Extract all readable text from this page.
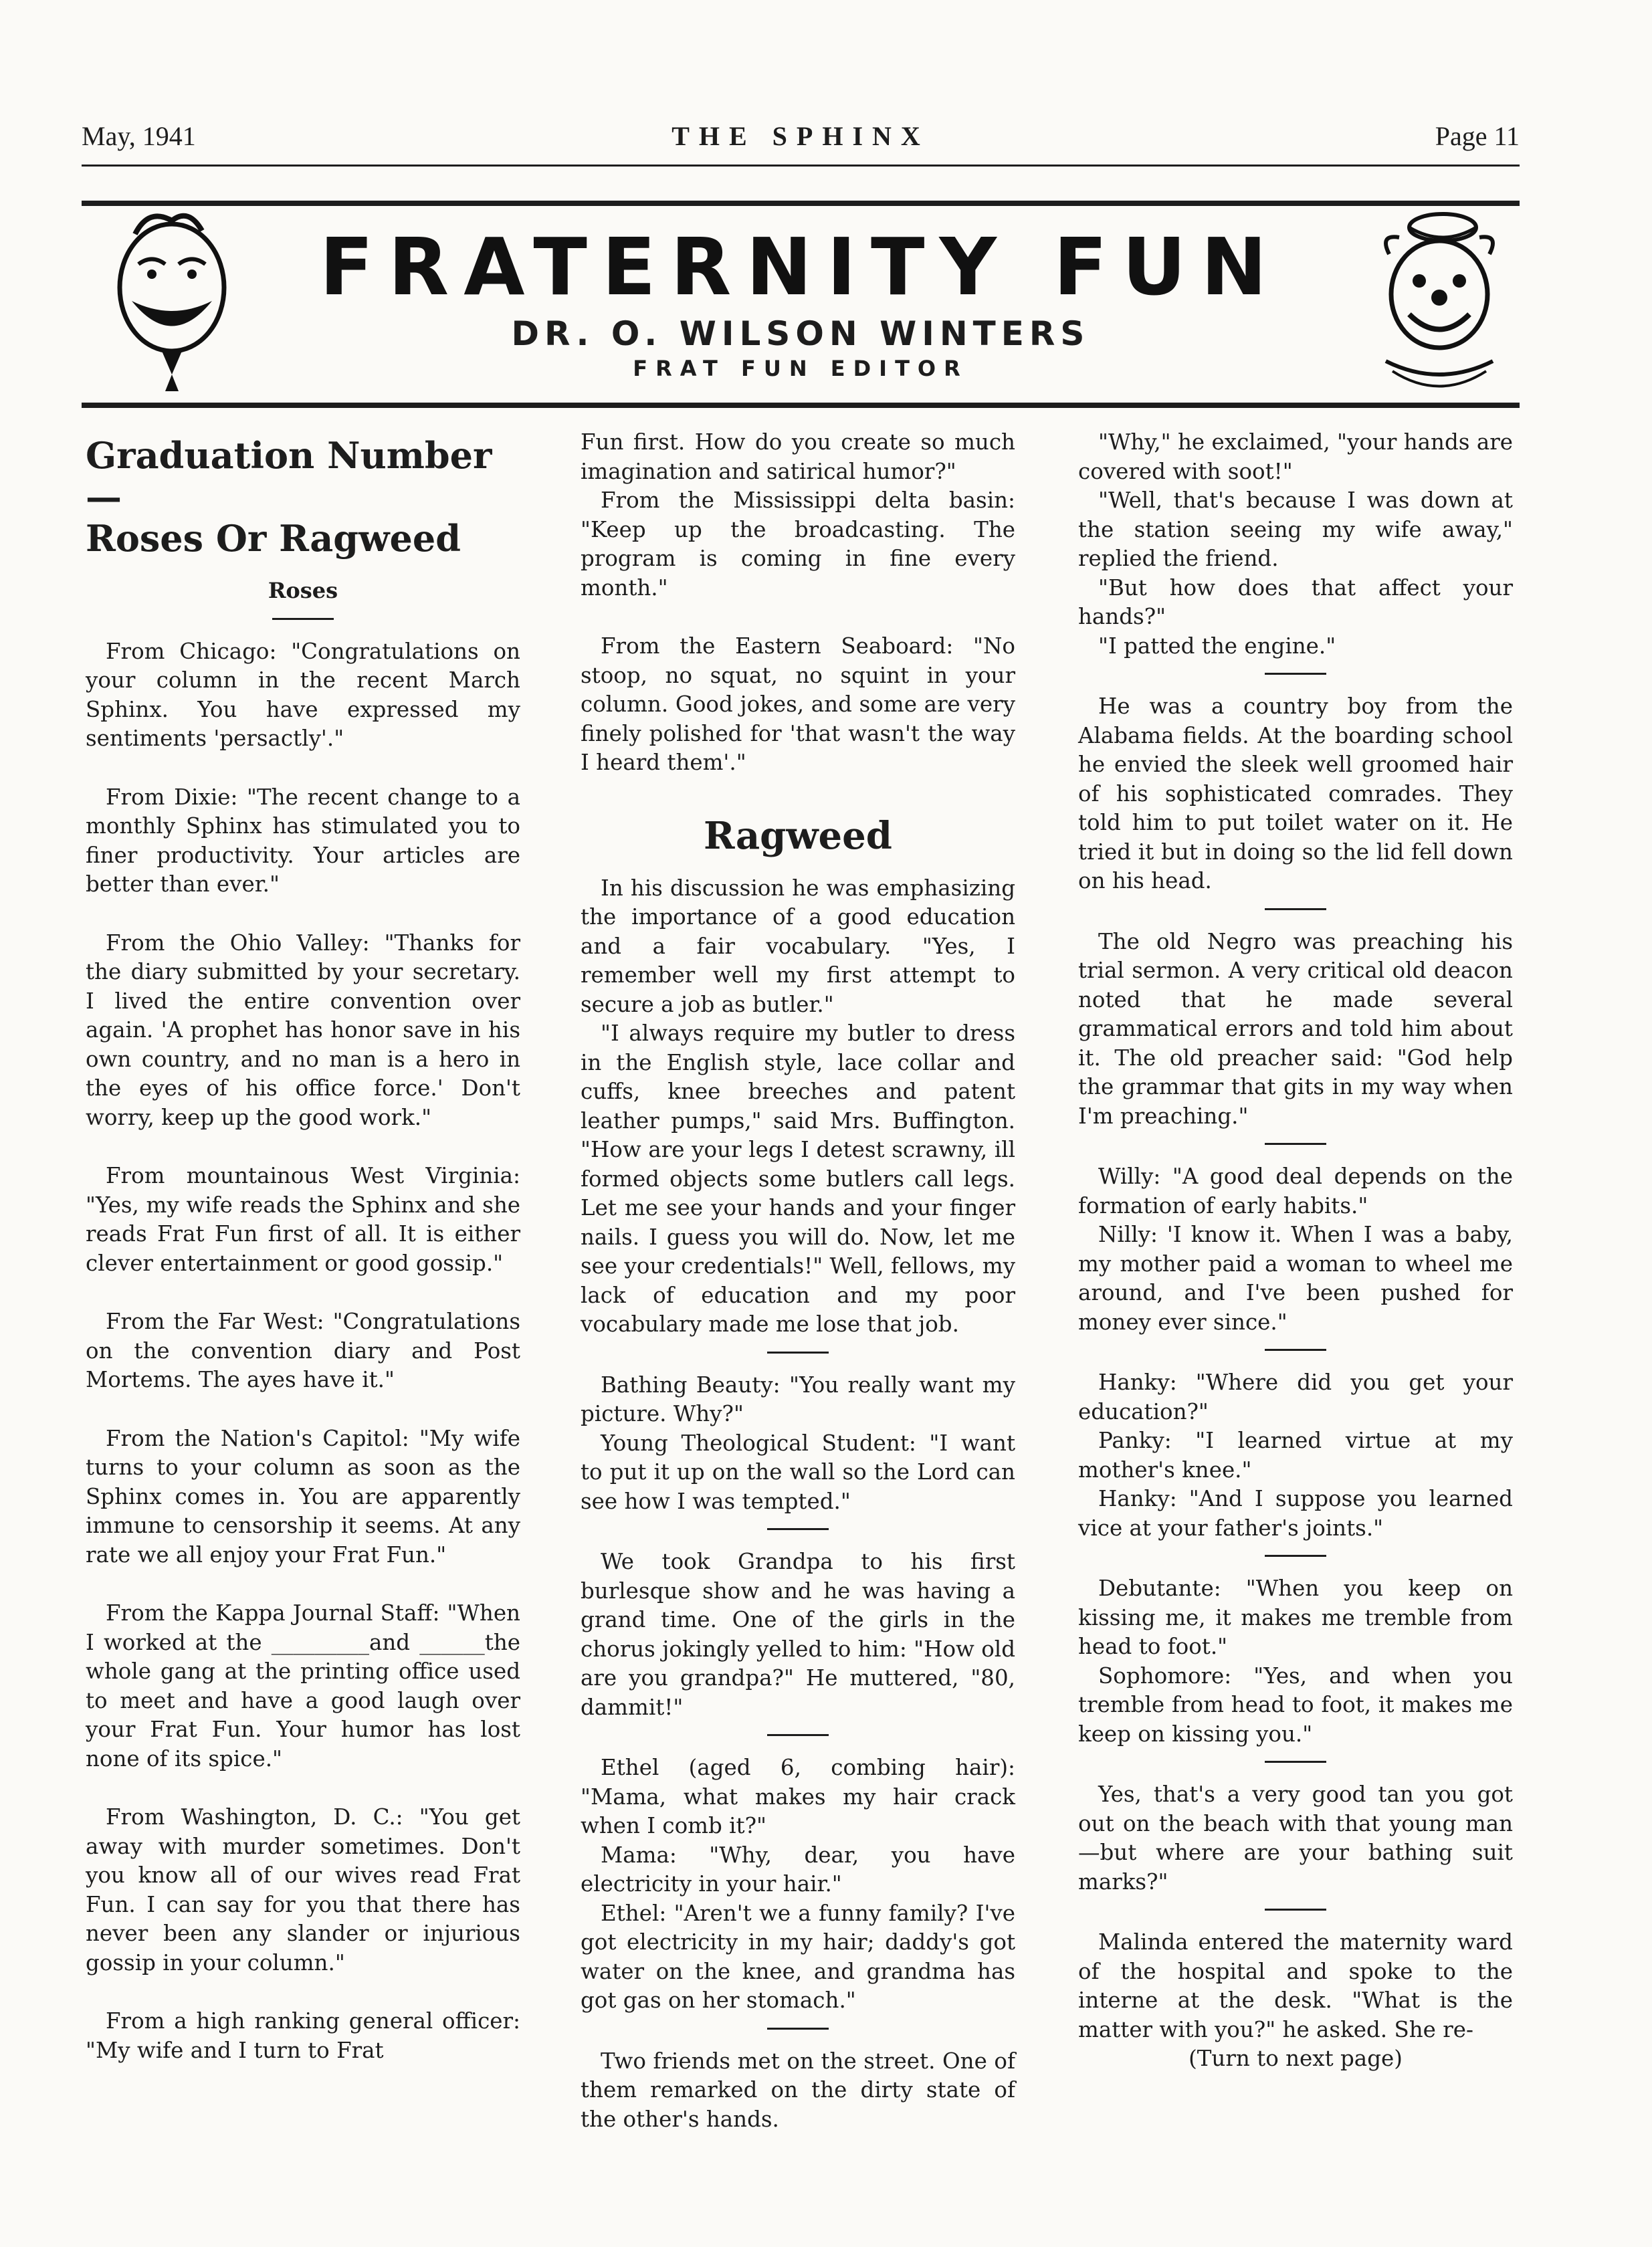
May, 1941	THE SPHINX	Page 11
FRATERNITY FUN
DR. O. WILSON WINTERS
FRAT FUN EDITOR
Graduation Number—
Roses Or Ragweed
Roses

From Chicago: "Congratulations on your column in the recent March Sphinx. You have expressed my sentiments 'persactly'."

From Dixie: "The recent change to a monthly Sphinx has stimulated you to finer productivity. Your articles are better than ever."

From the Ohio Valley: "Thanks for the diary submitted by your secretary. I lived the entire convention over again. 'A prophet has honor save in his own country, and no man is a hero in the eyes of his office force.' Don't worry, keep up the good work."

From mountainous West Virginia: "Yes, my wife reads the Sphinx and she reads Frat Fun first of all. It is either clever entertainment or good gossip."

From the Far West: "Congratulations on the convention diary and Post Mortems. The ayes have it."

From the Nation's Capitol: "My wife turns to your column as soon as the Sphinx comes in. You are apparently immune to censorship it seems. At any rate we all enjoy your Frat Fun."

From the Kappa Journal Staff: "When I worked at the _________and ______the whole gang at the printing office used to meet and have a good laugh over your Frat Fun. Your humor has lost none of its spice."

From Washington, D. C.: "You get away with murder sometimes. Don't you know all of our wives read Frat Fun. I can say for you that there has never been any slander or injurious gossip in your column."

From a high ranking general officer: "My wife and I turn to Frat

Fun first. How do you create so much imagination and satirical humor?"

From the Mississippi delta basin: "Keep up the broadcasting. The program is coming in fine every month."

From the Eastern Seaboard: "No stoop, no squat, no squint in your column. Good jokes, and some are very finely polished for 'that wasn't the way I heard them'."

Ragweed

In his discussion he was emphasizing the importance of a good education and a fair vocabulary. "Yes, I remember well my first attempt to secure a job as butler."

"I always require my butler to dress in the English style, lace collar and cuffs, knee breeches and patent leather pumps," said Mrs. Buffington. "How are your legs I detest scrawny, ill formed objects some butlers call legs. Let me see your hands and your finger nails. I guess you will do. Now, let me see your credentials!" Well, fellows, my lack of education and my poor vocabulary made me lose that job.

Bathing Beauty: "You really want my picture. Why?"

Young Theological Student: "I want to put it up on the wall so the Lord can see how I was tempted."

We took Grandpa to his first burlesque show and he was having a grand time. One of the girls in the chorus jokingly yelled to him: "How old are you grandpa?" He muttered, "80, dammit!"

Ethel (aged 6, combing hair): "Mama, what makes my hair crack when I comb it?"

Mama: "Why, dear, you have electricity in your hair."

Ethel: "Aren't we a funny family? I've got electricity in my hair; daddy's got water on the knee, and grandma has got gas on her stomach."

Two friends met on the street. One of them remarked on the dirty state of the other's hands.

"Why," he exclaimed, "your hands are covered with soot!"

"Well, that's because I was down at the station seeing my wife away," replied the friend.

"But how does that affect your hands?"

"I patted the engine."

He was a country boy from the Alabama fields. At the boarding school he envied the sleek well groomed hair of his sophisticated comrades. They told him to put toilet water on it. He tried it but in doing so the lid fell down on his head.

The old Negro was preaching his trial sermon. A very critical old deacon noted that he made several grammatical errors and told him about it. The old preacher said: "God help the grammar that gits in my way when I'm preaching."

Willy: "A good deal depends on the formation of early habits."

Nilly: 'I know it. When I was a baby, my mother paid a woman to wheel me around, and I've been pushed for money ever since."

Hanky: "Where did you get your education?"

Panky: "I learned virtue at my mother's knee."

Hanky: "And I suppose you learned vice at your father's joints."

Debutante: "When you keep on kissing me, it makes me tremble from head to foot."

Sophomore: "Yes, and when you tremble from head to foot, it makes me keep on kissing you."

Yes, that's a very good tan you got out on the beach with that young man —but where are your bathing suit marks?"

Malinda entered the maternity ward of the hospital and spoke to the interne at the desk. "What is the matter with you?" he asked. She re-

(Turn to next page)
